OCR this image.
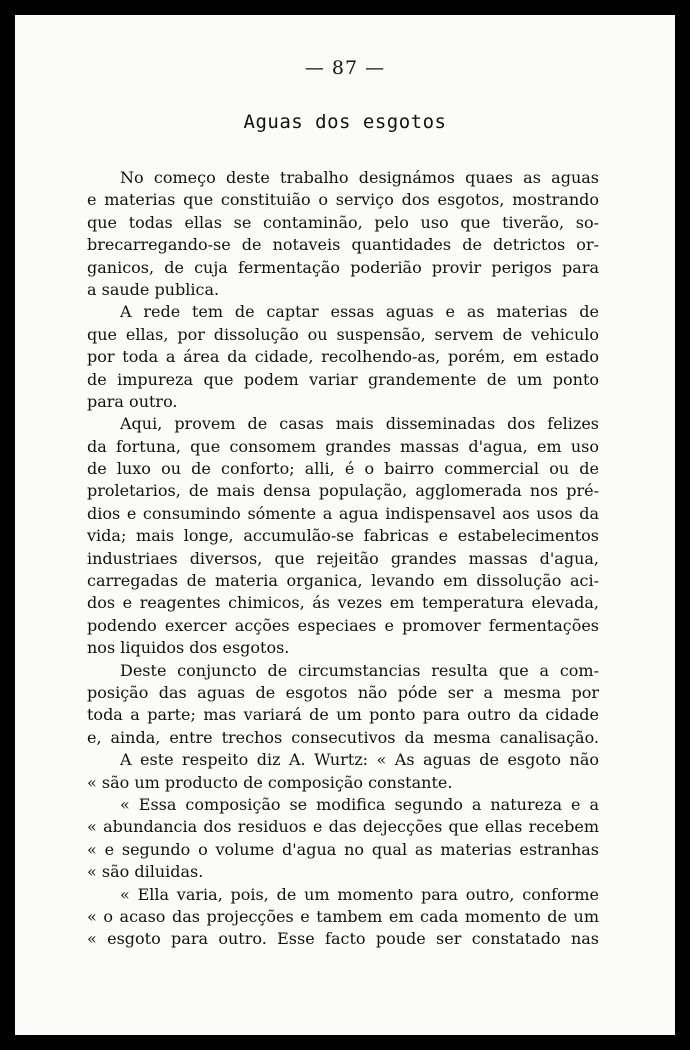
— 87 —
Aguas dos esgotos
No começo deste trabalho designámos quaes as aguas
e materias que constituião o serviço dos esgotos, mostrando
que todas ellas se contaminão, pelo uso que tiverão, so-
brecarregando-se de notaveis quantidades de detrictos or-
ganicos, de cuja fermentação poderião provir perigos para
a saude publica.
A rede tem de captar essas aguas e as materias de
que ellas, por dissolução ou suspensão, servem de vehiculo
por toda a área da cidade, recolhendo-as, porém, em estado
de impureza que podem variar grandemente de um ponto
para outro.
Aqui, provem de casas mais disseminadas dos felizes
da fortuna, que consomem grandes massas d'agua, em uso
de luxo ou de conforto; alli, é o bairro commercial ou de
proletarios, de mais densa população, agglomerada nos pré-
dios e consumindo sómente a agua indispensavel aos usos da
vida; mais longe, accumulão-se fabricas e estabelecimentos
industriaes diversos, que rejeitão grandes massas d'agua,
carregadas de materia organica, levando em dissolução aci-
dos e reagentes chimicos, ás vezes em temperatura elevada,
podendo exercer acções especiaes e promover fermentações
nos liquidos dos esgotos.
Deste conjuncto de circumstancias resulta que a com-
posição das aguas de esgotos não póde ser a mesma por
toda a parte; mas variará de um ponto para outro da cidade
e, ainda, entre trechos consecutivos da mesma canalisação.
A este respeito diz A. Wurtz: « As aguas de esgoto não
« são um producto de composição constante.
« Essa composição se modifica segundo a natureza e a
« abundancia dos residuos e das dejecções que ellas recebem
« e segundo o volume d'agua no qual as materias estranhas
« são diluidas.
« Ella varia, pois, de um momento para outro, conforme
« o acaso das projecções e tambem em cada momento de um
« esgoto para outro. Esse facto poude ser constatado nas
